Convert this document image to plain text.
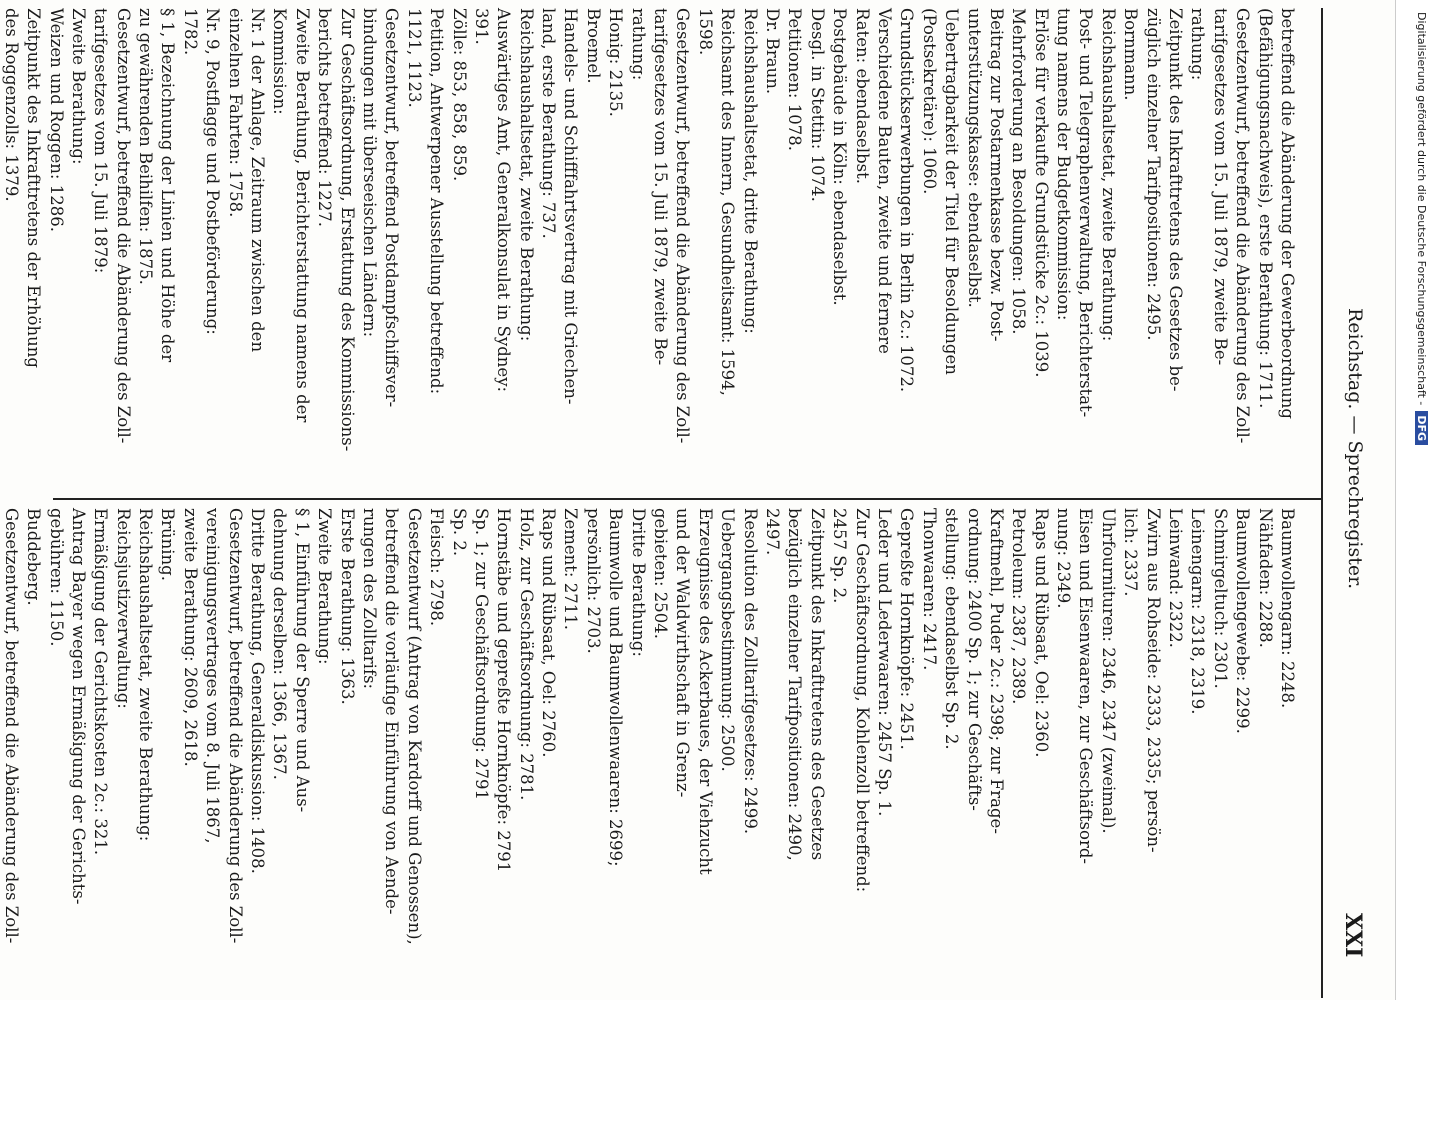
Reichstag. — Sprechregister.
XXI
betreffend die Abänderung der Gewerbeordnung
(Befähigungsnachweis), erste Berathung: 1711.
Gesetzentwurf, betreffend die Abänderung des Zoll-
tarifgesetzes vom 15. Juli 1879, zweite Be-
rathung:
Zeitpunkt des Inkrafttretens des Gesetzes be-
züglich einzelner Tarifpositionen: 2495.
Bornmann.
Reichshaushaltsetat, zweite Berathung:
Post- und Telegraphenverwaltung, Berichterstat-
tung namens der Budgetkommission:
Erlöse für verkaufte Grundstücke 2c.: 1039.
Mehrforderung an Besoldungen: 1058.
Beitrag zur Postarmenkasse bezw. Post-
unterstützungskasse: ebendaselbst.
Uebertragbarkeit der Titel für Besoldungen
(Postsekretäre): 1060.
Grundstückserwerbungen in Berlin 2c.: 1072.
Verschiedene Bauten, zweite und fernere
Raten: ebendaselbst.
Postgebäude in Köln: ebendaselbst.
Desgl. in Stettin: 1074.
Petitionen: 1078.
Dr. Braun.
Reichshaushaltsetat, dritte Berathung:
Reichsamt des Innern, Gesundheitsamt: 1594,
1598.
Gesetzentwurf, betreffend die Abänderung des Zoll-
tarifgesetzes vom 15. Juli 1879, zweite Be-
rathung:
Honig: 2135.
Broemel.
Handels- und Schifffahrtsvertrag mit Griechen-
land, erste Berathung: 737.
Reichshaushaltsetat, zweite Berathung:
Auswärtiges Amt, Generalkonsulat in Sydney:
391.
Zölle: 853, 858, 859.
Petition, Antwerpener Ausstellung betreffend:
1121, 1123.
Gesetzentwurf, betreffend Postdampfschiffsver-
bindungen mit überseeischen Ländern:
Zur Geschäftsordnung, Erstattung des Kommissions-
berichts betreffend: 1227.
Zweite Berathung, Berichterstattung namens der
Kommission:
Nr. 1 der Anlage, Zeitraum zwischen den
einzelnen Fahrten: 1758.
Nr. 9, Postflagge und Postbeförderung:
1782.
§ 1, Bezeichnung der Linien und Höhe der
zu gewährenden Beihilfen: 1875.
Gesetzentwurf, betreffend die Abänderung des Zoll-
tarifgesetzes vom 15. Juli 1879:
Zweite Berathung:
Weizen und Roggen: 1286.
Zeitpunkt des Inkrafttretens der Erhöhung
des Roggenzolls: 1379.
Baumwollengarn: 2248.
Nähfaden: 2288.
Baumwollengewebe: 2299.
Schmirgeltuch: 2301.
Leinengarn: 2318, 2319.
Leinwand: 2322.
Zwirn aus Rohseide: 2333, 2335; persön-
lich: 2337.
Uhrfournituren: 2346, 2347 (zweimal).
Eisen und Eisenwaaren, zur Geschäftsord-
nung: 2349.
Raps und Rübsaat, Oel: 2360.
Petroleum: 2387, 2389.
Kraftmehl, Puder 2c.: 2398; zur Frage-
ordnung: 2400 Sp. 1; zur Geschäfts-
stellung: ebendaselbst Sp. 2.
Thonwaaren: 2417.
Gepreßte Hornknöpfe: 2451.
Leder und Lederwaaren: 2457 Sp. 1.
Zur Geschäftsordnung, Kohlenzoll betreffend:
2457 Sp. 2.
Zeitpunkt des Inkrafttretens des Gesetzes
bezüglich einzelner Tarifpositionen: 2490,
2497.
Resolution des Zolltarifgesetzes: 2499.
Uebergangsbestimmung: 2500.
Erzeugnisse des Ackerbaues, der Viehzucht
und der Waldwirthschaft in Grenz-
gebieten: 2504.
Dritte Berathung:
Baumwolle und Baumwollenwaaren: 2699;
persönlich: 2703.
Zement: 2711.
Raps und Rübsaat, Oel: 2760.
Holz, zur Geschäftsordnung: 2781.
Hornstäbe und gepreßte Hornknöpfe: 2791
Sp. 1; zur Geschäftsordnung: 2791
Sp. 2.
Fleisch: 2798.
Gesetzentwurf (Antrag von Kardorff und Genossen),
betreffend die vorläufige Einführung von Aende-
rungen des Zolltarifs:
Erste Berathung: 1363.
Zweite Berathung:
§ 1, Einführung der Sperre und Aus-
dehnung derselben: 1366, 1367.
Dritte Berathung, Generaldiskussion: 1408.
Gesetzentwurf, betreffend die Abänderung des Zoll-
vereinigungsvertrages vom 8. Juli 1867,
zweite Berathung: 2609, 2618.
Brüning.
Reichshaushaltsetat, zweite Berathung:
Reichsjustizverwaltung:
Ermäßigung der Gerichtskosten 2c.: 321.
Antrag Bayer wegen Ermäßigung der Gerichts-
gebühren: 1150.
Buddeberg.
Gesetzentwurf, betreffend die Abänderung des Zoll-
Digitalisierung gefördert durch die Deutsche Forschungsgemeinschaft -DFG
